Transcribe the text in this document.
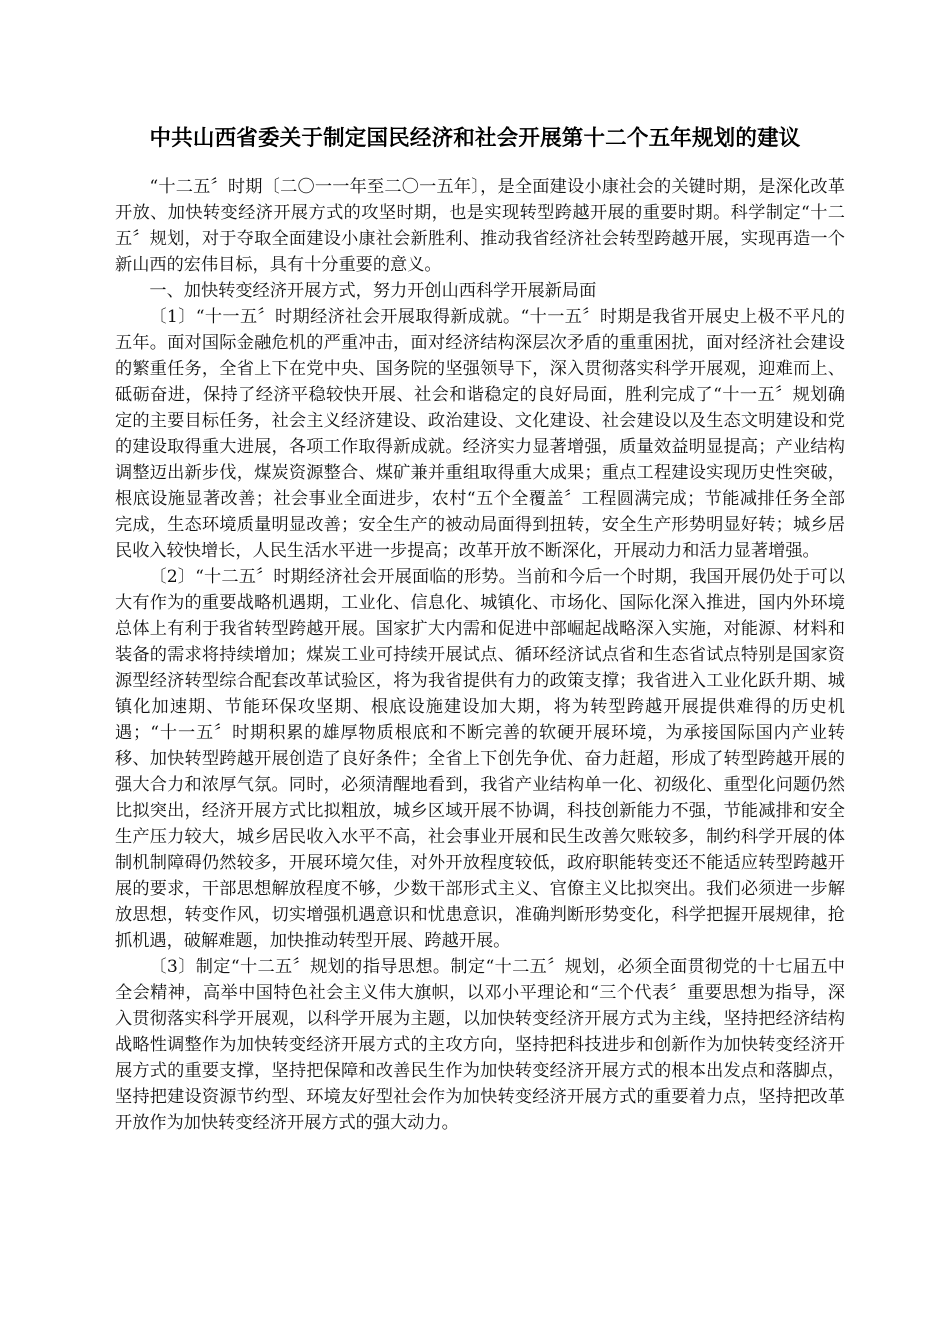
中共山西省委关于制定国民经济和社会开展第十二个五年规划的建议

“十二五〞时期〔二〇一一年至二〇一五年〕，是全面建设小康社会的关键时期，是深化改革开放、加快转变经济开展方式的攻坚时期，也是实现转型跨越开展的重要时期。科学制定“十二五〞规划，对于夺取全面建设小康社会新胜利、推动我省经济社会转型跨越开展，实现再造一个新山西的宏伟目标，具有十分重要的意义。

一、加快转变经济开展方式，努力开创山西科学开展新局面

〔1〕“十一五〞时期经济社会开展取得新成就。“十一五〞时期是我省开展史上极不平凡的五年。面对国际金融危机的严重冲击，面对经济结构深层次矛盾的重重困扰，面对经济社会建设的繁重任务，全省上下在党中央、国务院的坚强领导下，深入贯彻落实科学开展观，迎难而上、砥砺奋进，保持了经济平稳较快开展、社会和谐稳定的良好局面，胜利完成了“十一五〞规划确定的主要目标任务，社会主义经济建设、政治建设、文化建设、社会建设以及生态文明建设和党的建设取得重大进展，各项工作取得新成就。经济实力显著增强，质量效益明显提高；产业结构调整迈出新步伐，煤炭资源整合、煤矿兼并重组取得重大成果；重点工程建设实现历史性突破，根底设施显著改善；社会事业全面进步，农村“五个全覆盖〞工程圆满完成；节能减排任务全部完成，生态环境质量明显改善；安全生产的被动局面得到扭转，安全生产形势明显好转；城乡居民收入较快增长，人民生活水平进一步提高；改革开放不断深化，开展动力和活力显著增强。

〔2〕“十二五〞时期经济社会开展面临的形势。当前和今后一个时期，我国开展仍处于可以大有作为的重要战略机遇期，工业化、信息化、城镇化、市场化、国际化深入推进，国内外环境总体上有利于我省转型跨越开展。国家扩大内需和促进中部崛起战略深入实施，对能源、材料和装备的需求将持续增加；煤炭工业可持续开展试点、循环经济试点省和生态省试点特别是国家资源型经济转型综合配套改革试验区，将为我省提供有力的政策支撑；我省进入工业化跃升期、城镇化加速期、节能环保攻坚期、根底设施建设加大期，将为转型跨越开展提供难得的历史机遇；“十一五〞时期积累的雄厚物质根底和不断完善的软硬开展环境，为承接国际国内产业转移、加快转型跨越开展创造了良好条件；全省上下创先争优、奋力赶超，形成了转型跨越开展的强大合力和浓厚气氛。同时，必须清醒地看到，我省产业结构单一化、初级化、重型化问题仍然比拟突出，经济开展方式比拟粗放，城乡区域开展不协调，科技创新能力不强，节能减排和安全生产压力较大，城乡居民收入水平不高，社会事业开展和民生改善欠账较多，制约科学开展的体制机制障碍仍然较多，开展环境欠佳，对外开放程度较低，政府职能转变还不能适应转型跨越开展的要求，干部思想解放程度不够，少数干部形式主义、官僚主义比拟突出。我们必须进一步解放思想，转变作风，切实增强机遇意识和忧患意识，准确判断形势变化，科学把握开展规律，抢抓机遇，破解难题，加快推动转型开展、跨越开展。

〔3〕制定“十二五〞规划的指导思想。制定“十二五〞规划，必须全面贯彻党的十七届五中全会精神，高举中国特色社会主义伟大旗帜，以邓小平理论和“三个代表〞重要思想为指导，深入贯彻落实科学开展观，以科学开展为主题，以加快转变经济开展方式为主线，坚持把经济结构战略性调整作为加快转变经济开展方式的主攻方向，坚持把科技进步和创新作为加快转变经济开展方式的重要支撑，坚持把保障和改善民生作为加快转变经济开展方式的根本出发点和落脚点，坚持把建设资源节约型、环境友好型社会作为加快转变经济开展方式的重要着力点，坚持把改革开放作为加快转变经济开展方式的强大动力。
